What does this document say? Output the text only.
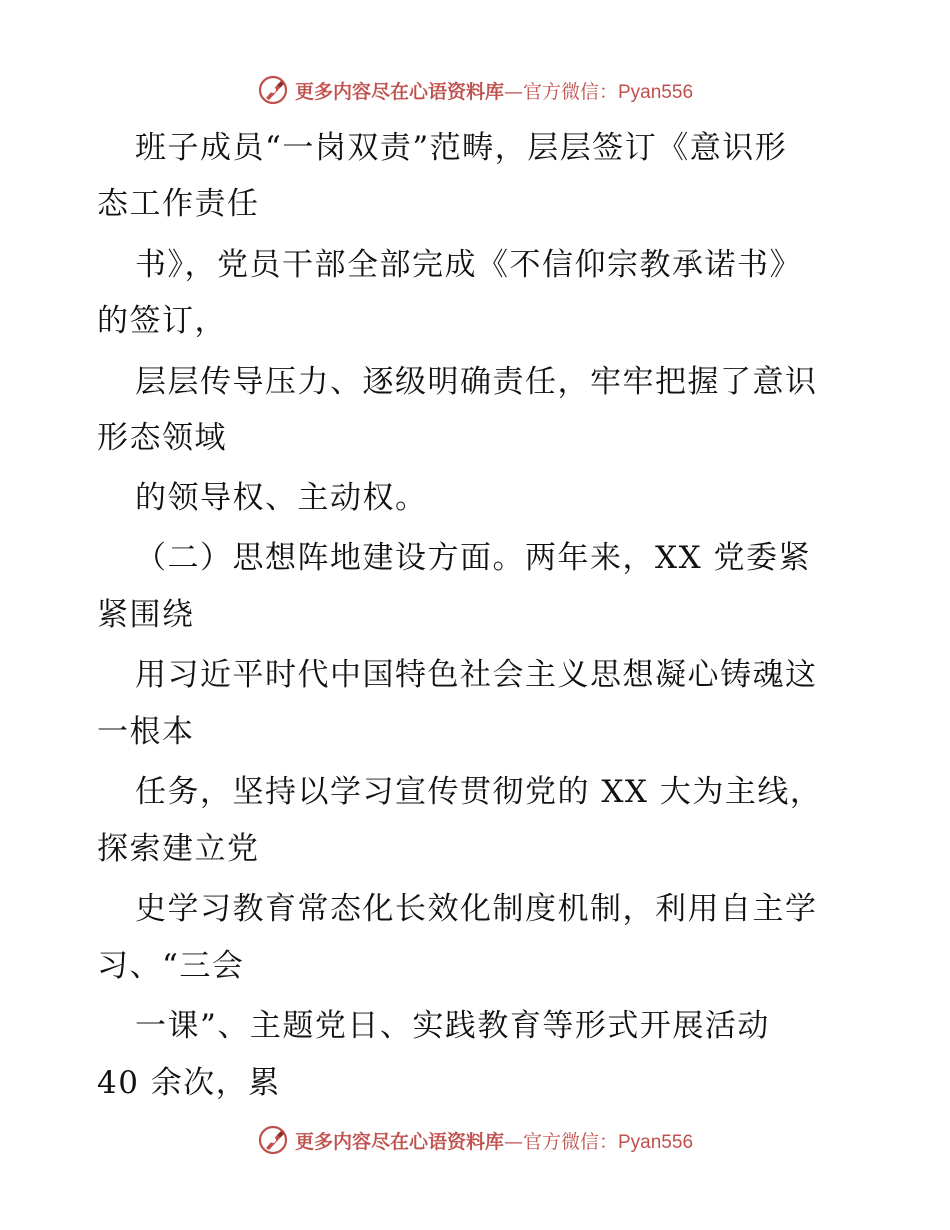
更多内容尽在心语资料库—官方微信：Pyan556
班子成员“一岗双责”范畴，层层签订《意识形
态工作责任
书》，党员干部全部完成《不信仰宗教承诺书》
的签订，
层层传导压力、逐级明确责任，牢牢把握了意识
形态领域
的领导权、主动权。
（二）思想阵地建设方面。两年来，XX 党委紧
紧围绕
用习近平时代中国特色社会主义思想凝心铸魂这
一根本
任务，坚持以学习宣传贯彻党的 XX 大为主线，
探索建立党
史学习教育常态化长效化制度机制，利用自主学
习、“三会
一课”、主题党日、实践教育等形式开展活动
40 余次，累
更多内容尽在心语资料库—官方微信：Pyan556
